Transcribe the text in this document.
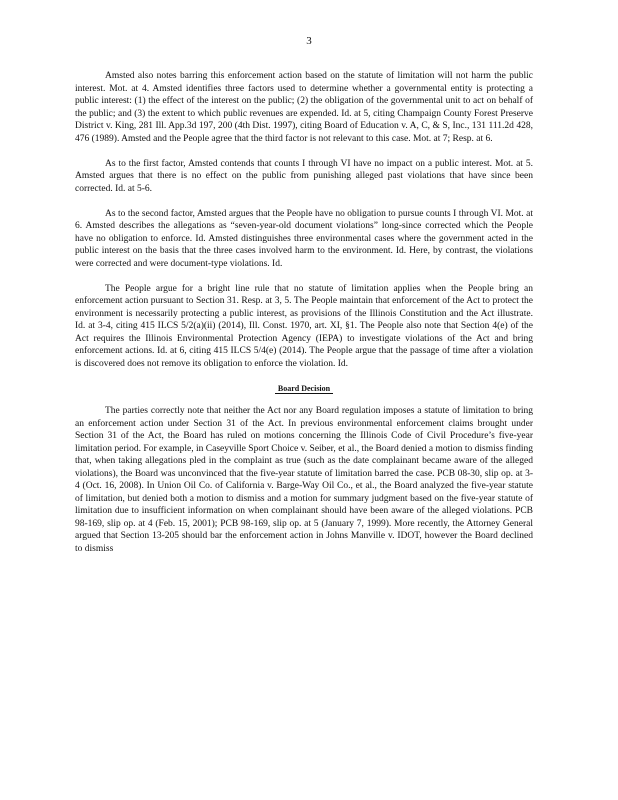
3

Amsted also notes barring this enforcement action based on the statute of limitation will not harm the public interest. Mot. at 4. Amsted identifies three factors used to determine whether a governmental entity is protecting a public interest: (1) the effect of the interest on the public; (2) the obligation of the governmental unit to act on behalf of the public; and (3) the extent to which public revenues are expended. Id. at 5, citing Champaign County Forest Preserve District v. King, 281 Ill. App.3d 197, 200 (4th Dist. 1997), citing Board of Education v. A, C, & S, Inc., 131 111.2d 428, 476 (1989). Amsted and the People agree that the third factor is not relevant to this case. Mot. at 7; Resp. at 6.

As to the first factor, Amsted contends that counts I through VI have no impact on a public interest. Mot. at 5. Amsted argues that there is no effect on the public from punishing alleged past violations that have since been corrected. Id. at 5-6.

As to the second factor, Amsted argues that the People have no obligation to pursue counts I through VI. Mot. at 6. Amsted describes the allegations as “seven-year-old document violations” long-since corrected which the People have no obligation to enforce. Id. Amsted distinguishes three environmental cases where the government acted in the public interest on the basis that the three cases involved harm to the environment. Id. Here, by contrast, the violations were corrected and were document-type violations. Id.

The People argue for a bright line rule that no statute of limitation applies when the People bring an enforcement action pursuant to Section 31. Resp. at 3, 5. The People maintain that enforcement of the Act to protect the environment is necessarily protecting a public interest, as provisions of the Illinois Constitution and the Act illustrate. Id. at 3-4, citing 415 ILCS 5/2(a)(ii) (2014), Ill. Const. 1970, art. XI, §1. The People also note that Section 4(e) of the Act requires the Illinois Environmental Protection Agency (IEPA) to investigate violations of the Act and bring enforcement actions. Id. at 6, citing 415 ILCS 5/4(e) (2014). The People argue that the passage of time after a violation is discovered does not remove its obligation to enforce the violation. Id.

Board Decision

The parties correctly note that neither the Act nor any Board regulation imposes a statute of limitation to bring an enforcement action under Section 31 of the Act. In previous environmental enforcement claims brought under Section 31 of the Act, the Board has ruled on motions concerning the Illinois Code of Civil Procedure’s five-year limitation period. For example, in Caseyville Sport Choice v. Seiber, et al., the Board denied a motion to dismiss finding that, when taking allegations pled in the complaint as true (such as the date complainant became aware of the alleged violations), the Board was unconvinced that the five-year statute of limitation barred the case. PCB 08-30, slip op. at 3-4 (Oct. 16, 2008). In Union Oil Co. of California v. Barge-Way Oil Co., et al., the Board analyzed the five-year statute of limitation, but denied both a motion to dismiss and a motion for summary judgment based on the five-year statute of limitation due to insufficient information on when complainant should have been aware of the alleged violations. PCB 98-169, slip op. at 4 (Feb. 15, 2001); PCB 98-169, slip op. at 5 (January 7, 1999). More recently, the Attorney General argued that Section 13-205 should bar the enforcement action in Johns Manville v. IDOT, however the Board declined to dismiss
